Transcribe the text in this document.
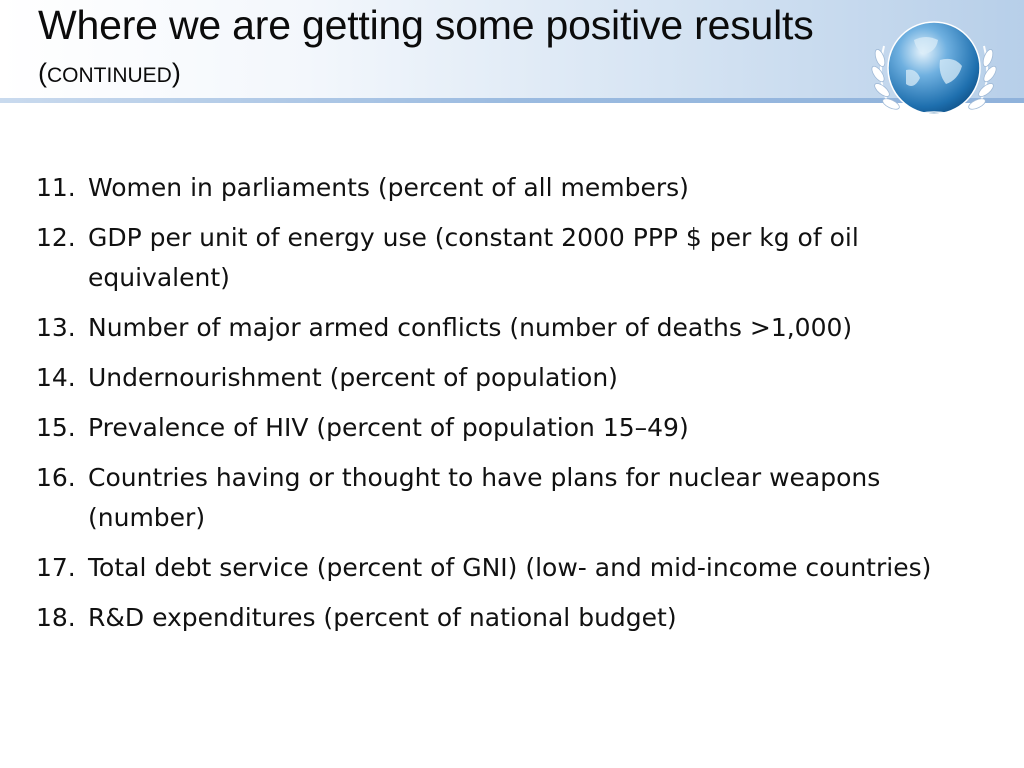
Where we are getting some positive results
(CONTINUED)
11. Women in parliaments (percent of all members)
12. GDP per unit of energy use (constant 2000 PPP $ per kg of oil equivalent)
13. Number of major armed conflicts (number of deaths >1,000)
14. Undernourishment (percent of population)
15. Prevalence of HIV (percent of population 15–49)
16. Countries having or thought to have plans for nuclear weapons (number)
17. Total debt service (percent of GNI) (low- and mid-income countries)
18. R&D expenditures (percent of national budget)
